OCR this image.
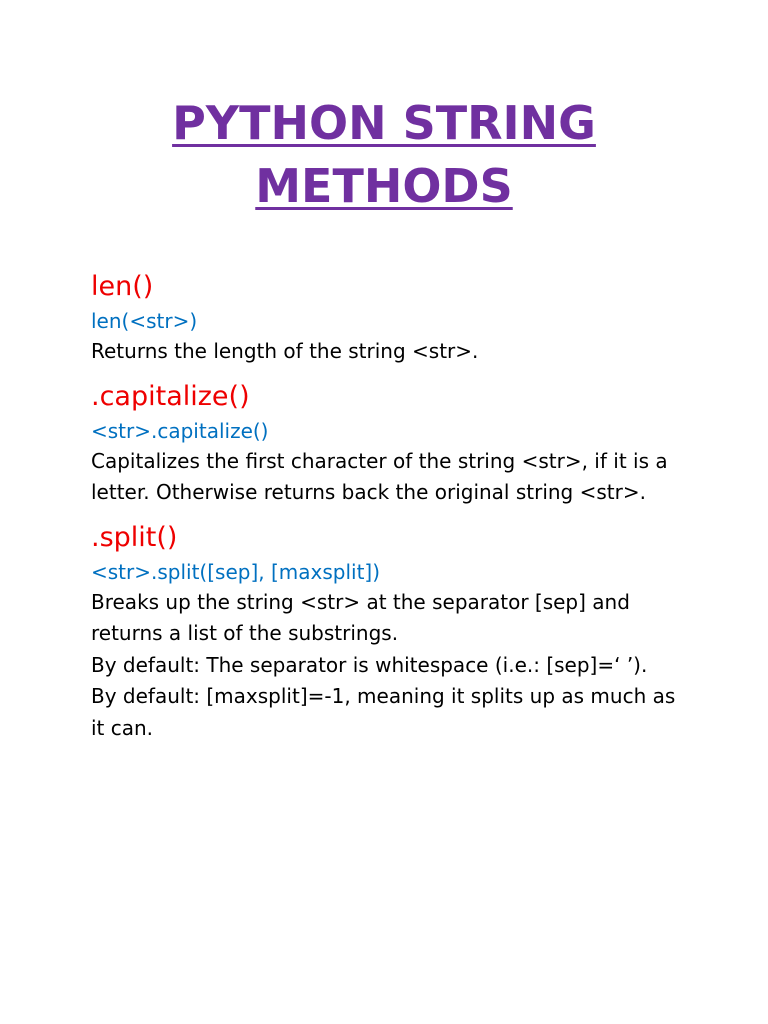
PYTHON STRING
METHODS

len()

len(<str>)

Returns the length of the string <str>.

.capitalize()

<str>.capitalize()

Capitalizes the first character of the string <str>, if it is a letter. Otherwise returns back the original string <str>.

.split()

<str>.split([sep], [maxsplit])

Breaks up the string <str> at the separator [sep] and returns a list of the substrings.

By default: The separator is whitespace (i.e.: [sep]=‘ ’).

By default: [maxsplit]=-1, meaning it splits up as much as it can.
